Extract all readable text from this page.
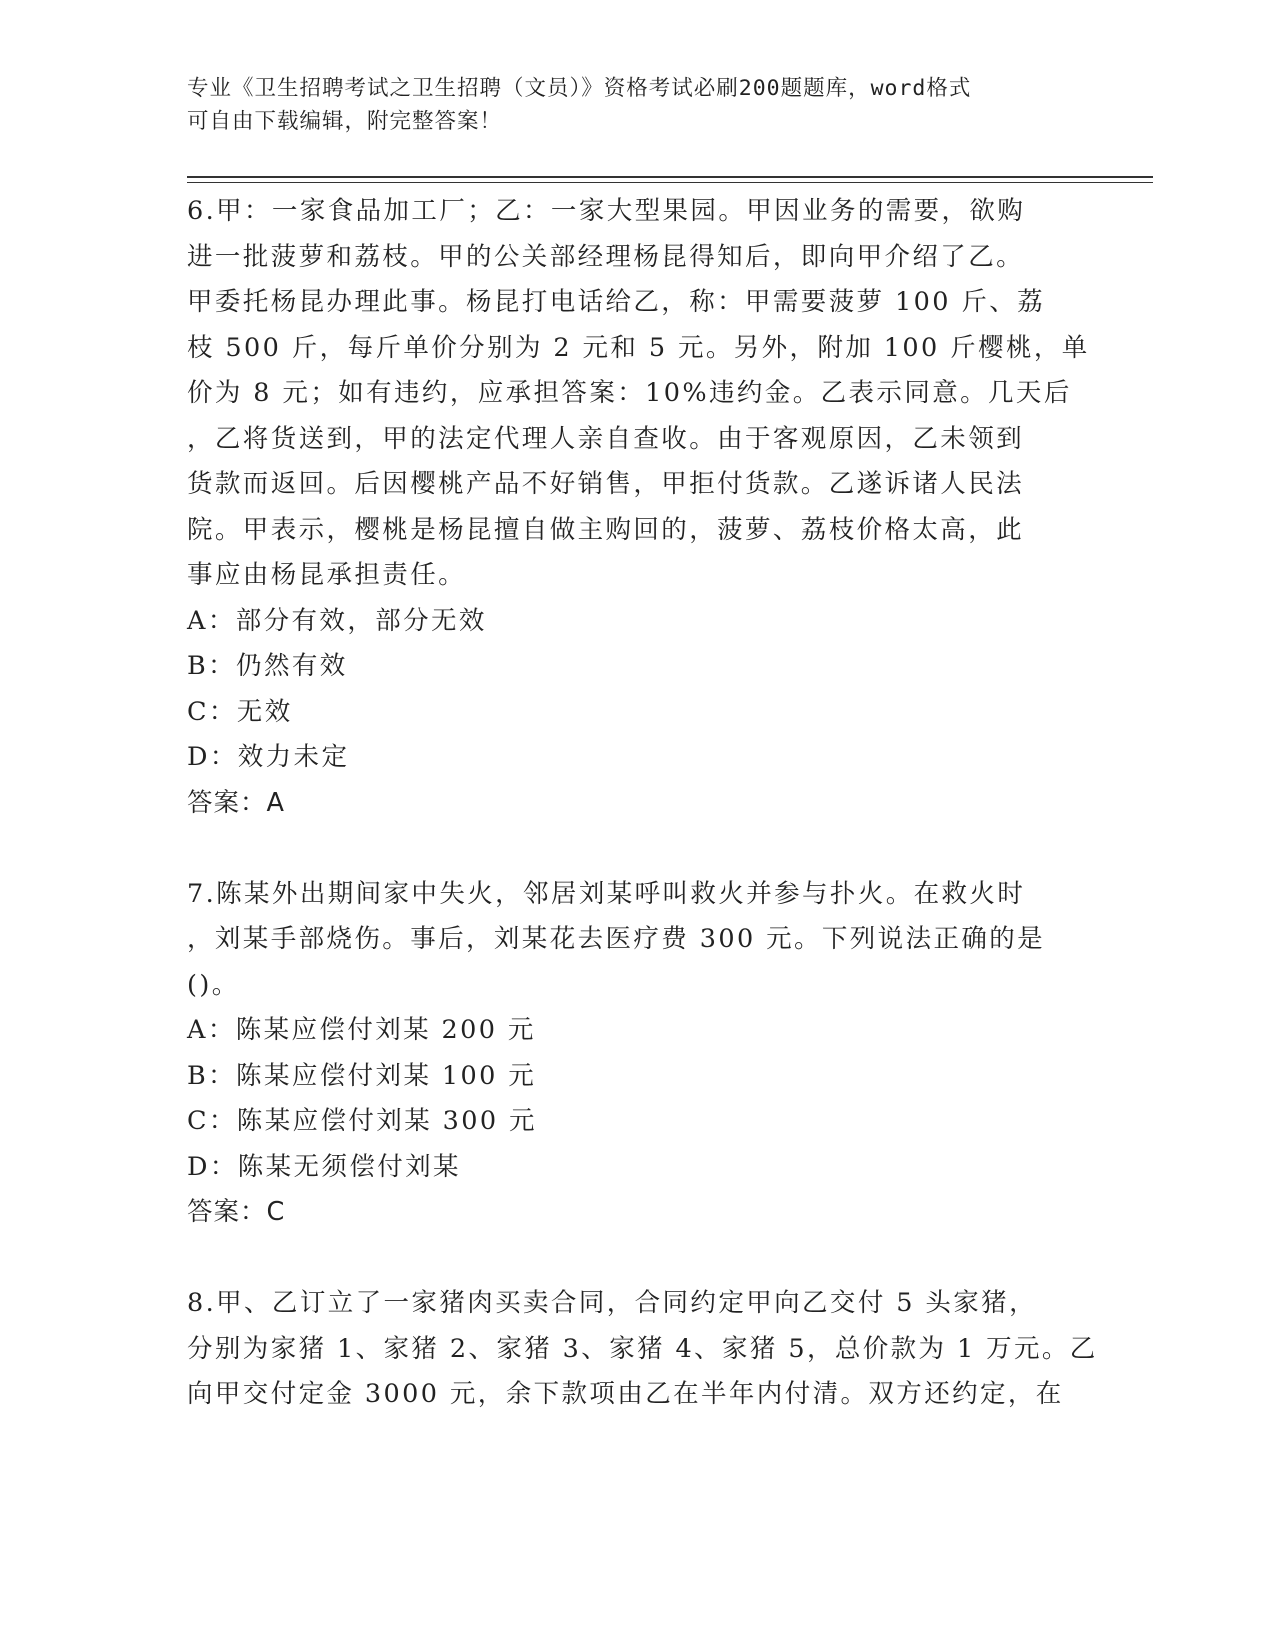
专业《卫生招聘考试之卫生招聘（文员）》资格考试必刷200题题库，word格式
可自由下载编辑，附完整答案！
6.甲：一家食品加工厂；乙：一家大型果园。甲因业务的需要，欲购
进一批菠萝和荔枝。甲的公关部经理杨昆得知后，即向甲介绍了乙。
甲委托杨昆办理此事。杨昆打电话给乙，称：甲需要菠萝 100 斤、荔
枝 500 斤，每斤单价分别为 2 元和 5 元。另外，附加 100 斤樱桃，单
价为 8 元；如有违约，应承担答案：10%违约金。乙表示同意。几天后
，乙将货送到，甲的法定代理人亲自查收。由于客观原因，乙未领到
货款而返回。后因樱桃产品不好销售，甲拒付货款。乙遂诉诸人民法
院。甲表示，樱桃是杨昆擅自做主购回的，菠萝、荔枝价格太高，此
事应由杨昆承担责任。
A：部分有效，部分无效
B：仍然有效
C：无效
D：效力未定
答案：A
7.陈某外出期间家中失火，邻居刘某呼叫救火并参与扑火。在救火时
，刘某手部烧伤。事后，刘某花去医疗费 300 元。下列说法正确的是
()。
A：陈某应偿付刘某 200 元
B：陈某应偿付刘某 100 元
C：陈某应偿付刘某 300 元
D：陈某无须偿付刘某
答案：C
8.甲、乙订立了一家猪肉买卖合同，合同约定甲向乙交付 5 头家猪，
分别为家猪 1、家猪 2、家猪 3、家猪 4、家猪 5，总价款为 1 万元。乙
向甲交付定金 3000 元，余下款项由乙在半年内付清。双方还约定，在
